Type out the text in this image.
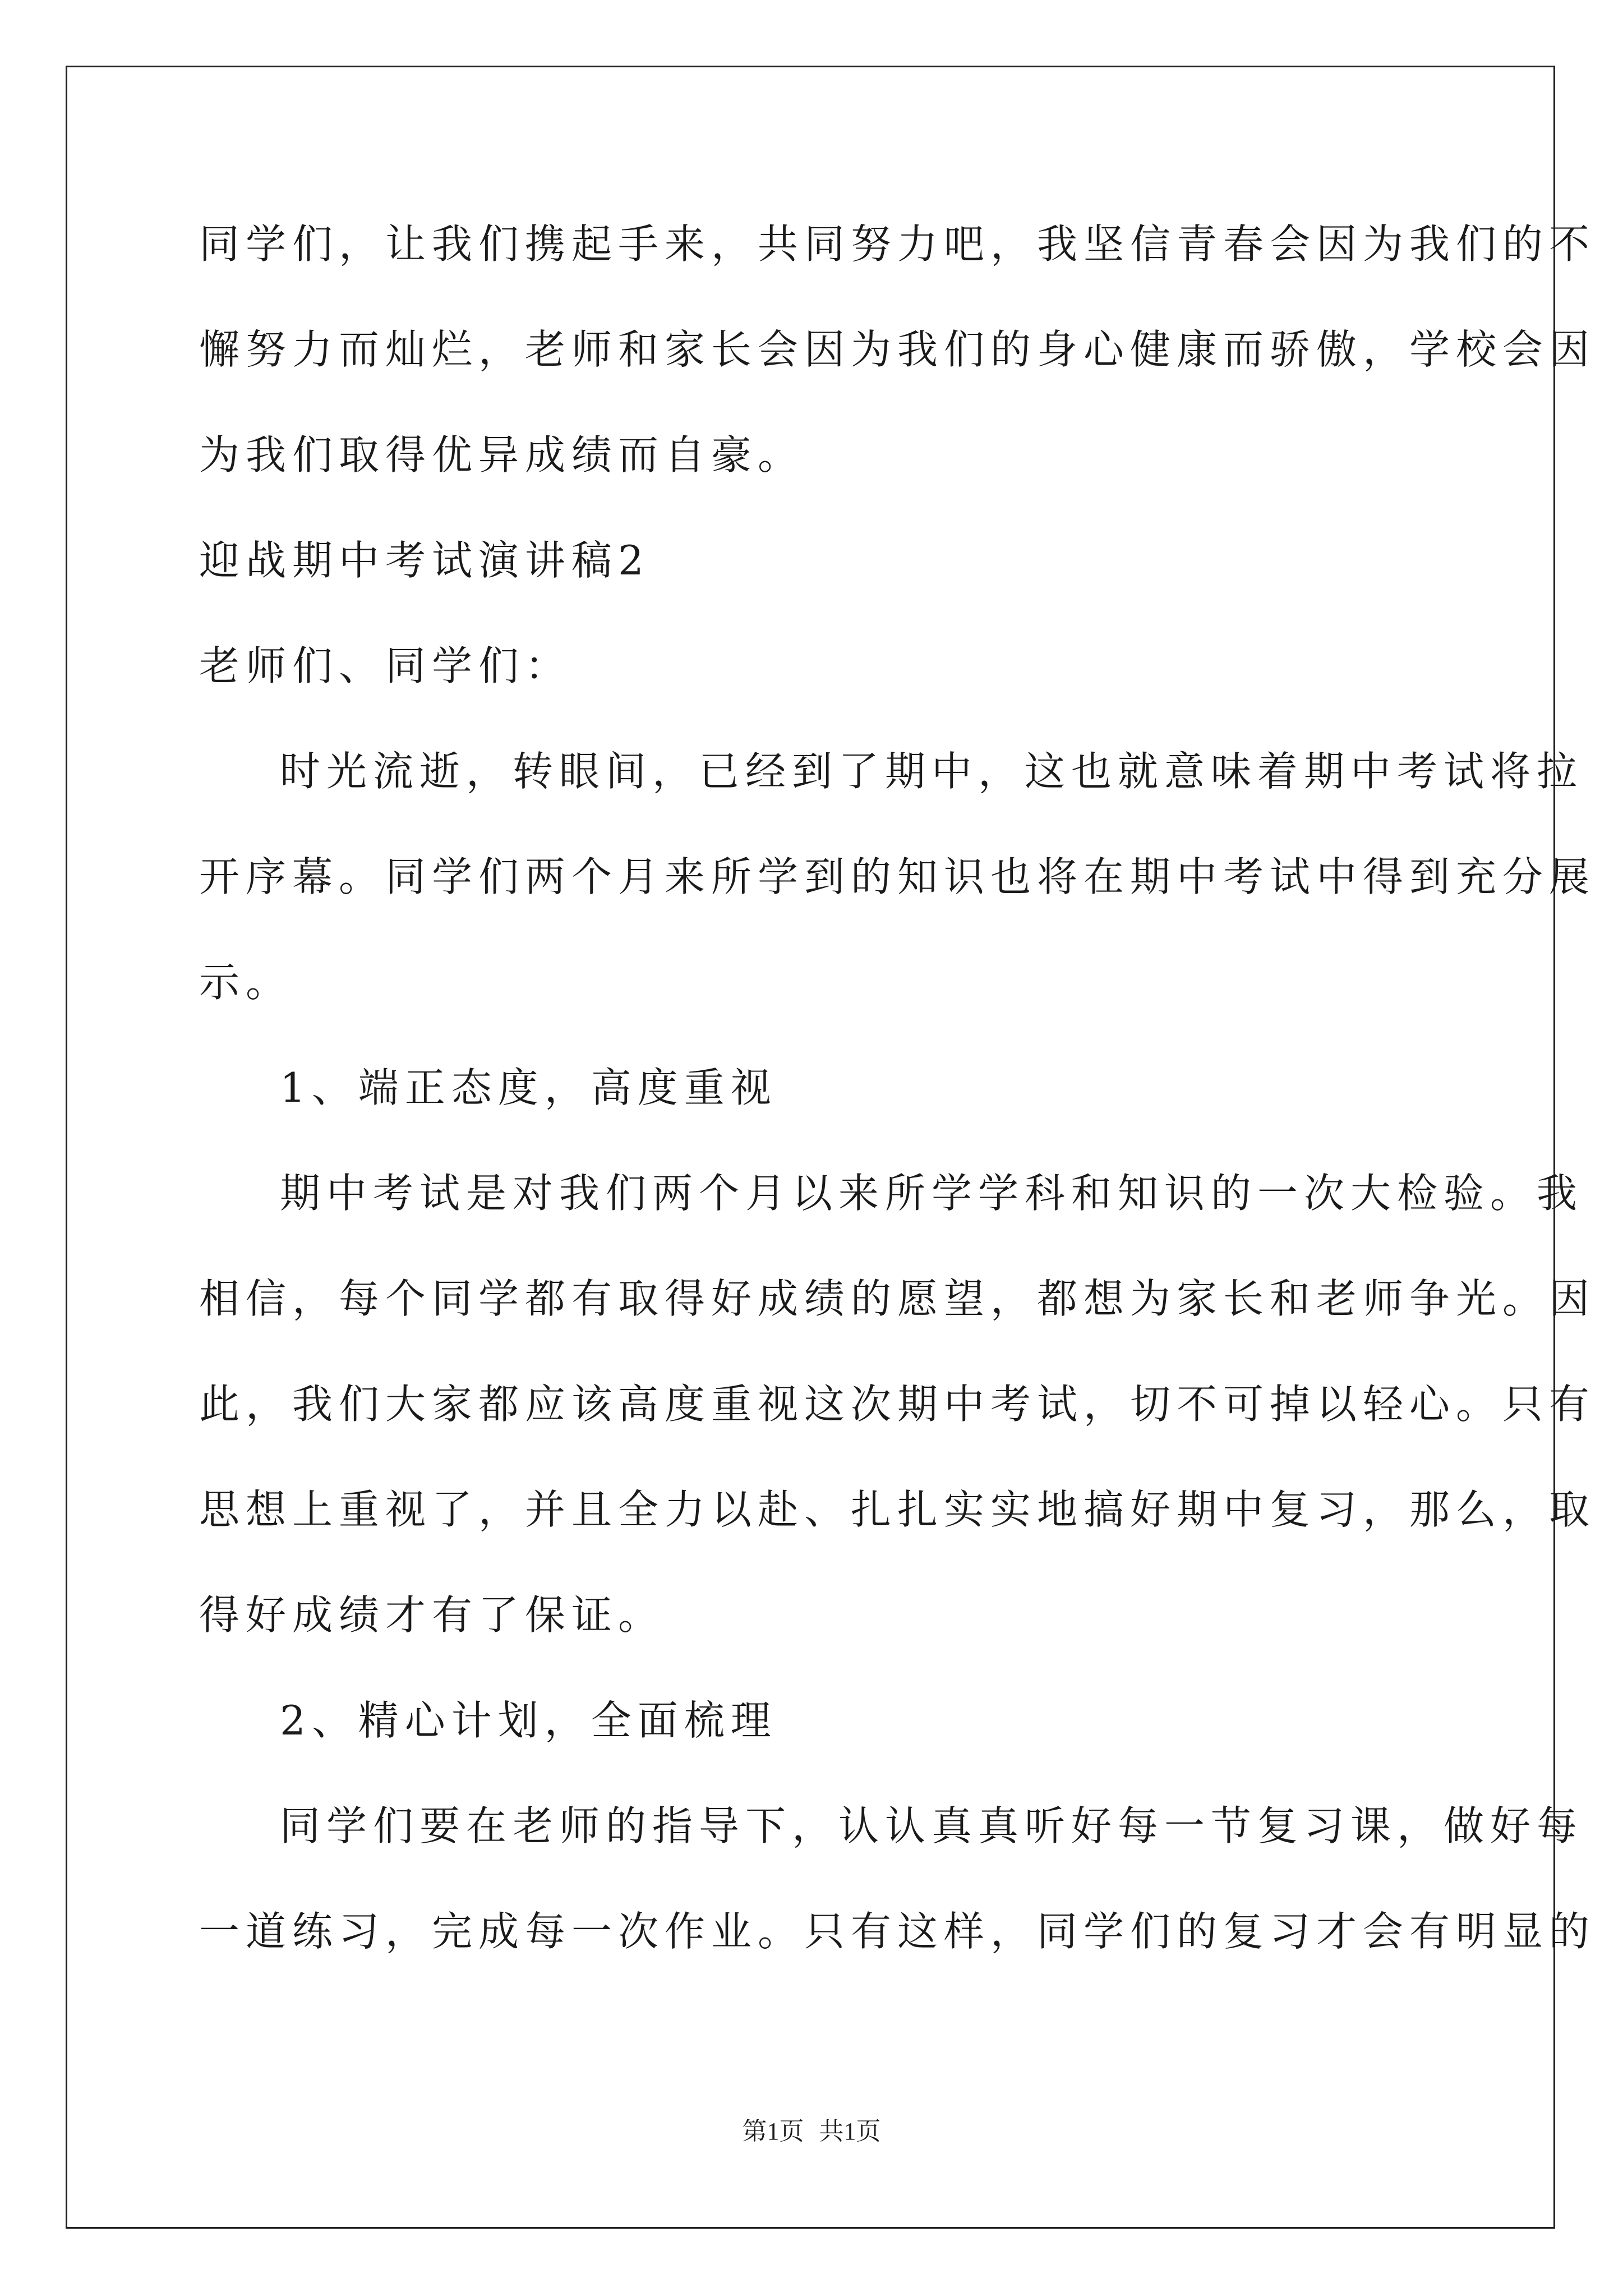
同学们，让我们携起手来，共同努力吧，我坚信青春会因为我们的不
懈努力而灿烂，老师和家长会因为我们的身心健康而骄傲，学校会因
为我们取得优异成绩而自豪。
迎战期中考试演讲稿2
老师们、同学们：
时光流逝，转眼间，已经到了期中，这也就意味着期中考试将拉
开序幕。同学们两个月来所学到的知识也将在期中考试中得到充分展
示。
1、端正态度，高度重视
期中考试是对我们两个月以来所学学科和知识的一次大检验。我
相信，每个同学都有取得好成绩的愿望，都想为家长和老师争光。因
此，我们大家都应该高度重视这次期中考试，切不可掉以轻心。只有
思想上重视了，并且全力以赴、扎扎实实地搞好期中复习，那么，取
得好成绩才有了保证。
2、精心计划，全面梳理
同学们要在老师的指导下，认认真真听好每一节复习课，做好每
一道练习，完成每一次作业。只有这样，同学们的复习才会有明显的
第1页 共1页
